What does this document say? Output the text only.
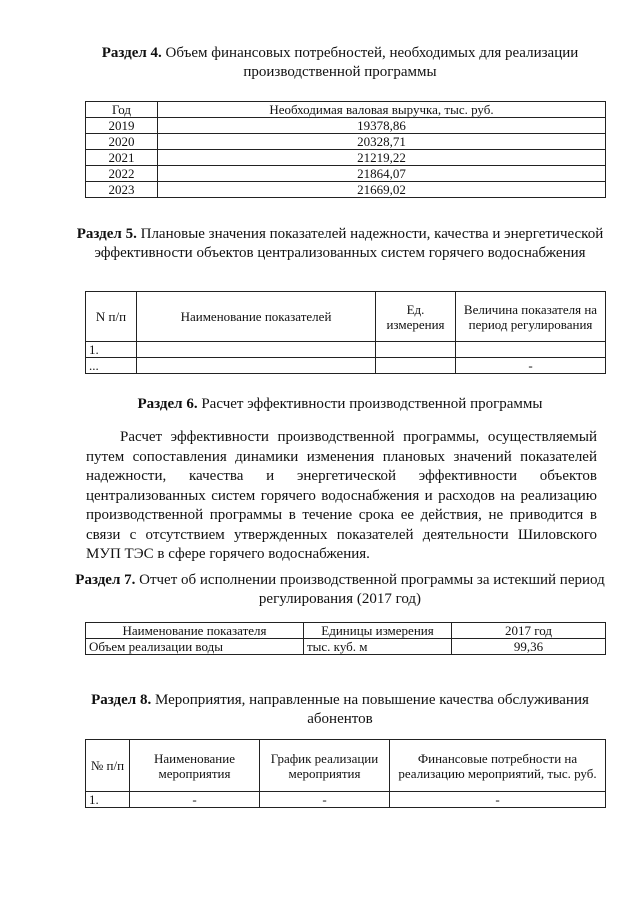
Раздел 4. Объем финансовых потребностей, необходимых для реализации производственной программы
Год	Необходимая валовая выручка, тыс. руб.
2019	19378,86
2020	20328,71
2021	21219,22
2022	21864,07
2023	21669,02
Раздел 5. Плановые значения показателей надежности, качества и энергетической эффективности объектов централизованных систем горячего водоснабжения
N п/п	Наименование показателей	Ед. измерения	Величина показателя на период регулирования
1.			
...			-
Раздел 6. Расчет эффективности производственной программы

Расчет эффективности производственной программы, осуществляемый путем сопоставления динамики изменения плановых значений показателей надежности, качества и энергетической эффективности объектов централизованных систем горячего водоснабжения и расходов на реализацию производственной программы в течение срока ее действия, не приводится в связи с отсутствием утвержденных показателей деятельности Шиловского МУП ТЭС в сфере горячего водоснабжения.

Раздел 7. Отчет об исполнении производственной программы за истекший период регулирования (2017 год)
Наименование показателя	Единицы измерения	2017 год
Объем реализации воды	тыс. куб. м	99,36
Раздел 8. Мероприятия, направленные на повышение качества обслуживания абонентов
№ п/п	Наименование мероприятия	График реализации мероприятия	Финансовые потребности на реализацию мероприятий, тыс. руб.
1.	-	-	-
